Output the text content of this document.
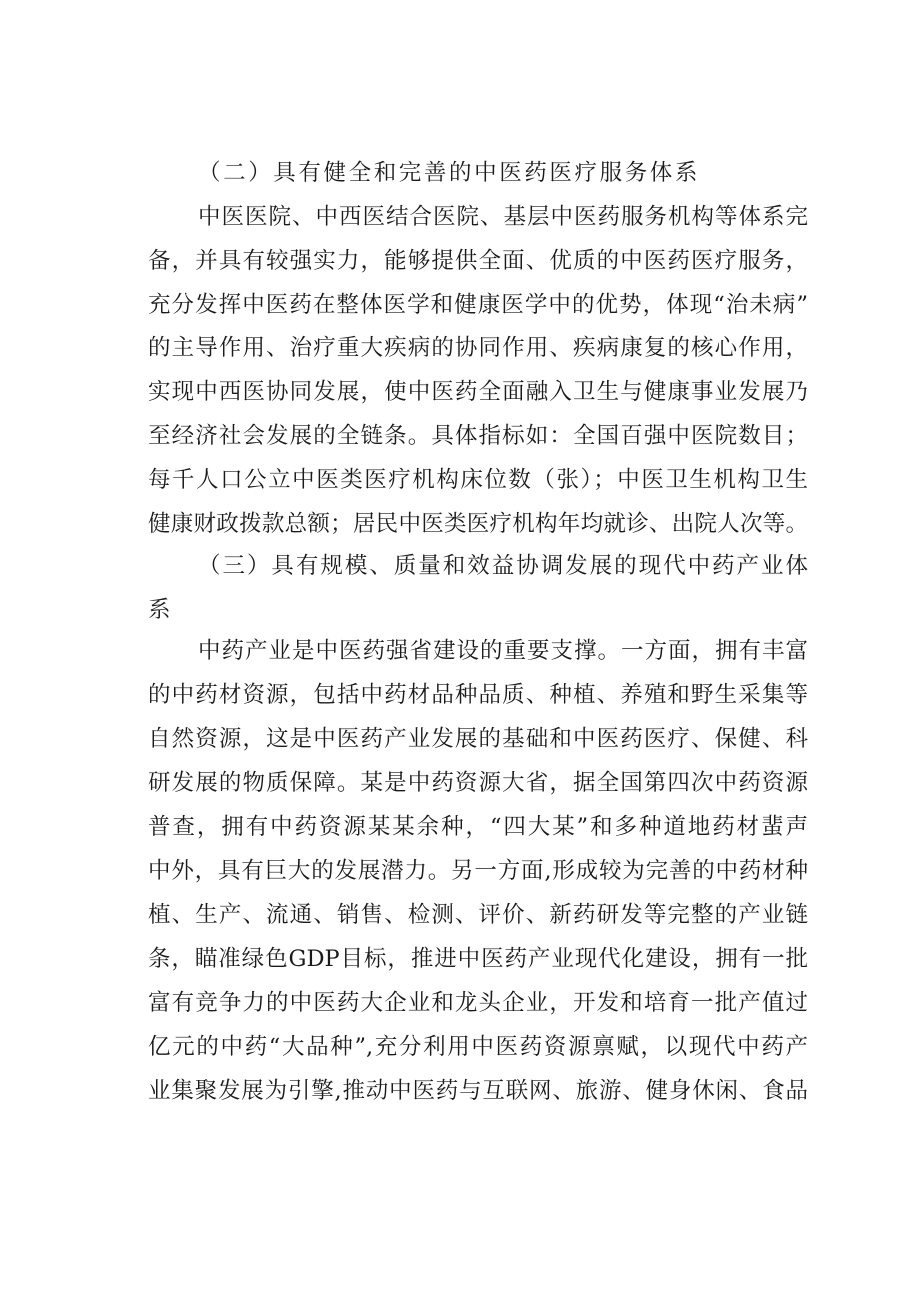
（二）具有健全和完善的中医药医疗服务体系
中医医院、中西医结合医院、基层中医药服务机构等体系完
备，并具有较强实力，能够提供全面、优质的中医药医疗服务，
充分发挥中医药在整体医学和健康医学中的优势，体现“治未病”
的主导作用、治疗重大疾病的协同作用、疾病康复的核心作用，
实现中西医协同发展，使中医药全面融入卫生与健康事业发展乃
至经济社会发展的全链条。具体指标如：全国百强中医院数目；
每千人口公立中医类医疗机构床位数（张）；中医卫生机构卫生
健康财政拨款总额；居民中医类医疗机构年均就诊、出院人次等。
（三）具有规模、质量和效益协调发展的现代中药产业体
系
中药产业是中医药强省建设的重要支撑。一方面，拥有丰富
的中药材资源，包括中药材品种品质、种植、养殖和野生采集等
自然资源，这是中医药产业发展的基础和中医药医疗、保健、科
研发展的物质保障。某是中药资源大省，据全国第四次中药资源
普查，拥有中药资源某某余种，“四大某”和多种道地药材蜚声
中外，具有巨大的发展潜力。另一方面,形成较为完善的中药材种
植、生产、流通、销售、检测、评价、新药研发等完整的产业链
条，瞄准绿色GDP目标，推进中医药产业现代化建设，拥有一批
富有竞争力的中医药大企业和龙头企业，开发和培育一批产值过
亿元的中药“大品种”,充分利用中医药资源禀赋，以现代中药产
业集聚发展为引擎,推动中医药与互联网、旅游、健身休闲、食品
